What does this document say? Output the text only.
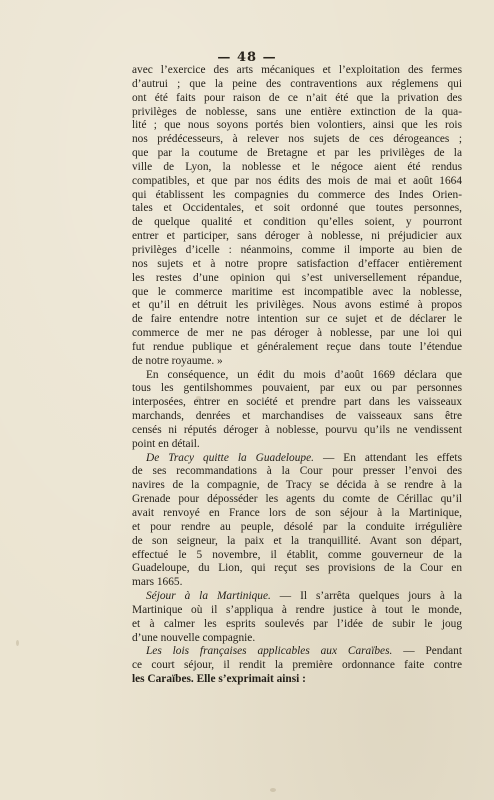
— 48 —

avec l’exercice des arts mécaniques et l’exploitation des fermes

d’autrui ; que la peine des contraventions aux réglemens qui

ont été faits pour raison de ce n’ait été que la privation des

privilèges de noblesse, sans une entière extinction de la qua-

lité ; que nous soyons portés bien volontiers, ainsi que les rois

nos prédécesseurs, à relever nos sujets de ces dérogeances ;

que par la coutume de Bretagne et par les privilèges de la

ville de Lyon, la noblesse et le négoce aient été rendus

compatibles, et que par nos édits des mois de mai et août 1664

qui établissent les compagnies du commerce des Indes Orien-

tales et Occidentales, et soit ordonné que toutes personnes,

de quelque qualité et condition qu’elles soient, y pourront

entrer et participer, sans déroger à noblesse, ni préjudicier aux

privilèges d’icelle : néanmoins, comme il importe au bien de

nos sujets et à notre propre satisfaction d’effacer entièrement

les restes d’une opinion qui s’est universellement répandue,

que le commerce maritime est incompatible avec la noblesse,

et qu’il en détruit les privilèges. Nous avons estimé à propos

de faire entendre notre intention sur ce sujet et de déclarer le

commerce de mer ne pas déroger à noblesse, par une loi qui

fut rendue publique et généralement reçue dans toute l’étendue

de notre royaume. »

En conséquence, un édit du mois d’août 1669 déclara que

tous les gentilshommes pouvaient, par eux ou par personnes

interposées, entrer en société et prendre part dans les vaisseaux

marchands, denrées et marchandises de vaisseaux sans être

censés ni réputés déroger à noblesse, pourvu qu’ils ne vendissent

point en détail.

De Tracy quitte la Guadeloupe. — En attendant les effets

de ses recommandations à la Cour pour presser l’envoi des

navires de la compagnie, de Tracy se décida à se rendre à la

Grenade pour déposséder les agents du comte de Cérillac qu’il

avait renvoyé en France lors de son séjour à la Martinique,

et pour rendre au peuple, désolé par la conduite irrégulière

de son seigneur, la paix et la tranquillité. Avant son départ,

effectué le 5 novembre, il établit, comme gouverneur de la

Guadeloupe, du Lion, qui reçut ses provisions de la Cour en

mars 1665.

Séjour à la Martinique. — Il s’arrêta quelques jours à la

Martinique où il s’appliqua à rendre justice à tout le monde,

et à calmer les esprits soulevés par l’idée de subir le joug

d’une nouvelle compagnie.

Les lois françaises applicables aux Caraïbes. — Pendant

ce court séjour, il rendit la première ordonnance faite contre

les Caraïbes. Elle s’exprimait ainsi :
